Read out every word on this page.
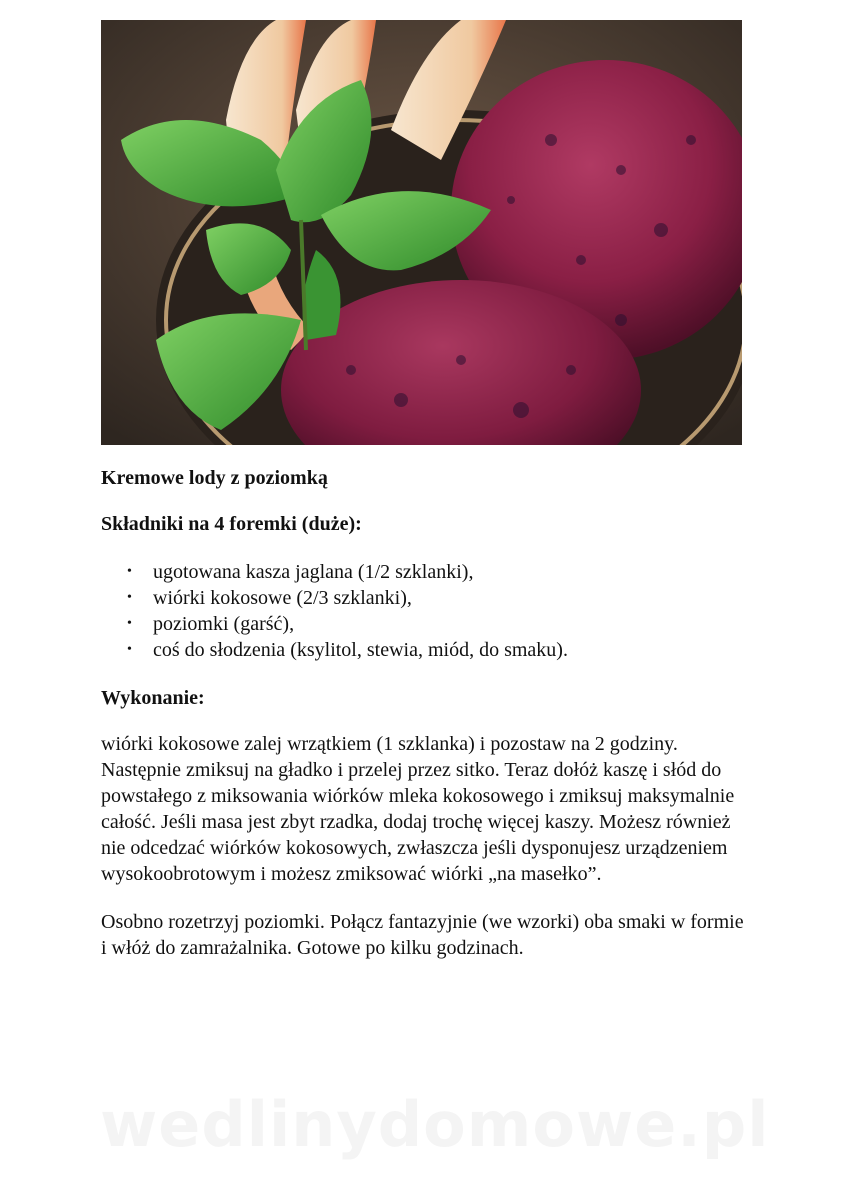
Kremowe lody z poziomką
Składniki na 4 foremki (duże):
• ugotowana kasza jaglana (1/2 szklanki),
• wiórki kokosowe (2/3 szklanki),
• poziomki (garść),
• coś do słodzenia (ksylitol, stewia, miód, do smaku).
Wykonanie:

wiórki kokosowe zalej wrzątkiem (1 szklanka) i pozostaw na 2 godziny. Następnie zmiksuj na gładko i przelej przez sitko. Teraz dołóż kaszę i słód do powstałego z miksowania wiórków mleka kokosowego i zmiksuj maksymalnie całość. Jeśli masa jest zbyt rzadka, dodaj trochę więcej kaszy. Możesz również nie odcedzać wiórków kokosowych, zwłaszcza jeśli dysponujesz urządzeniem wysokoobrotowym i możesz zmiksować wiórki „na masełko”.

Osobno rozetrzyj poziomki. Połącz fantazyjnie (we wzorki) oba smaki w formie i włóż do zamrażalnika. Gotowe po kilku godzinach.

wedlinydomowe.pl
